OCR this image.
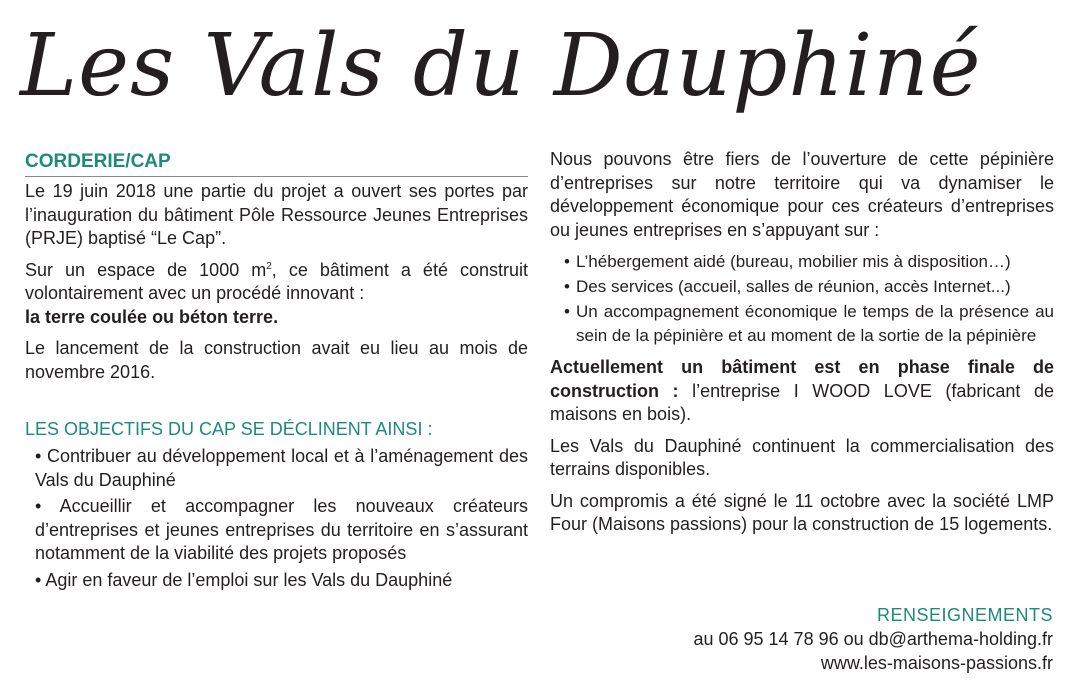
Les Vals du Dauphiné
CORDERIE/CAP

Le 19 juin 2018 une partie du projet a ouvert ses portes par l’inauguration du bâtiment Pôle Ressource Jeunes Entreprises (PRJE) baptisé “Le Cap”.

Sur un espace de 1000 $m^2$, ce bâtiment a été construit volontairement avec un procédé innovant :

la terre coulée ou béton terre.

Le lancement de la construction avait eu lieu au mois de novembre 2016.

LES OBJECTIFS DU CAP SE DÉCLINENT AINSI :
• Contribuer au développement local et à l’aménagement des Vals du Dauphiné
• Accueillir et accompagner les nouveaux créateurs d’entreprises et jeunes entreprises du territoire en s’assurant notamment de la viabilité des projets proposés
• Agir en faveur de l’emploi sur les Vals du Dauphiné

Nous pouvons être fiers de l’ouverture de cette pépinière d’entreprises sur notre territoire qui va dynamiser le développement économique pour ces créateurs d’entreprises ou jeunes entreprises en s’appuyant sur :

• L’hébergement aidé (bureau, mobilier mis à disposition…)
• Des services (accueil, salles de réunion, accès Internet...)
• Un accompagnement économique le temps de la présence au sein de la pépinière et au moment de la sortie de la pépinière

Actuellement un bâtiment est en phase finale de construction : l’entreprise I WOOD LOVE (fabricant de maisons en bois).

Les Vals du Dauphiné continuent la commercialisation des terrains disponibles.

Un compromis a été signé le 11 octobre avec la société LMP Four (Maisons passions) pour la construction de 15 logements.

RENSEIGNEMENTS
au 06 95 14 78 96 ou db@arthema-holding.fr
www.les-maisons-passions.fr
